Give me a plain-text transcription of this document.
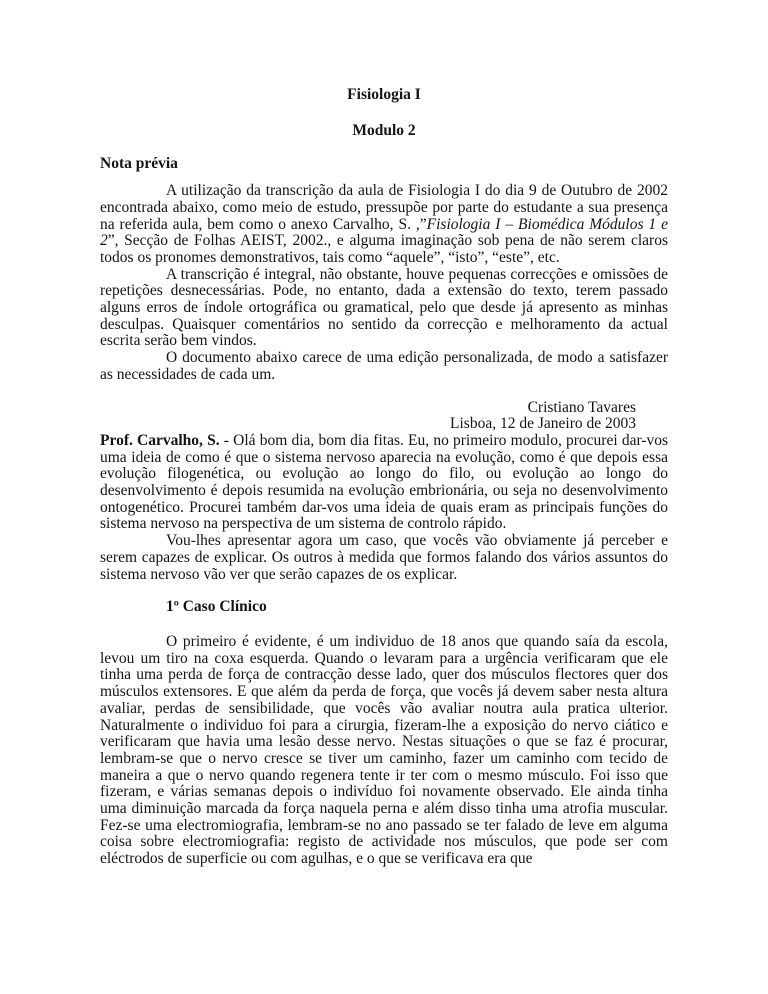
Fisiologia I
Modulo 2
Nota prévia

A utilização da transcrição da aula de Fisiologia I do dia 9 de Outubro de 2002 encontrada abaixo, como meio de estudo, pressupõe por parte do estudante a sua presença na referida aula, bem como o anexo Carvalho, S. ,”Fisiologia I – Biomédica Módulos 1 e 2”, Secção de Folhas AEIST, 2002., e alguma imaginação sob pena de não serem claros todos os pronomes demonstrativos, tais como “aquele”, “isto”, “este”, etc.

A transcrição é integral, não obstante, houve pequenas correcções e omissões de repetições desnecessárias. Pode, no entanto, dada a extensão do texto, terem passado alguns erros de índole ortográfica ou gramatical, pelo que desde já apresento as minhas desculpas. Quaisquer comentários no sentido da correcção e melhoramento da actual escrita serão bem vindos.

O documento abaixo carece de uma edição personalizada, de modo a satisfazer as necessidades de cada um.

Cristiano Tavares
Lisboa, 12 de Janeiro de 2003

Prof. Carvalho, S. - Olá bom dia, bom dia fitas. Eu, no primeiro modulo, procurei dar-vos uma ideia de como é que o sistema nervoso aparecia na evolução, como é que depois essa evolução filogenética, ou evolução ao longo do filo, ou evolução ao longo do desenvolvimento é depois resumida na evolução embrionária, ou seja no desenvolvimento ontogenético. Procurei também dar-vos uma ideia de quais eram as principais funções do sistema nervoso na perspectiva de um sistema de controlo rápido.

Vou-lhes apresentar agora um caso, que vocês vão obviamente já perceber e serem capazes de explicar. Os outros à medida que formos falando dos vários assuntos do sistema nervoso vão ver que serão capazes de os explicar.

1º Caso Clínico

O primeiro é evidente, é um individuo de 18 anos que quando saía da escola, levou um tiro na coxa esquerda. Quando o levaram para a urgência verificaram que ele tinha uma perda de força de contracção desse lado, quer dos músculos flectores quer dos músculos extensores. E que além da perda de força, que vocês já devem saber nesta altura avaliar, perdas de sensibilidade, que vocês vão avaliar noutra aula pratica ulterior. Naturalmente o individuo foi para a cirurgia, fizeram-lhe a exposição do nervo ciático e verificaram que havia uma lesão desse nervo. Nestas situações o que se faz é procurar, lembram-se que o nervo cresce se tiver um caminho, fazer um caminho com tecido de maneira a que o nervo quando regenera tente ir ter com o mesmo músculo. Foi isso que fizeram, e várias semanas depois o indivíduo foi novamente observado. Ele ainda tinha uma diminuição marcada da força naquela perna e além disso tinha uma atrofia muscular. Fez-se uma electromiografia, lembram-se no ano passado se ter falado de leve em alguma coisa sobre electromiografia: registo de actividade nos músculos, que pode ser com eléctrodos de superficie ou com agulhas, e o que se verificava era que
